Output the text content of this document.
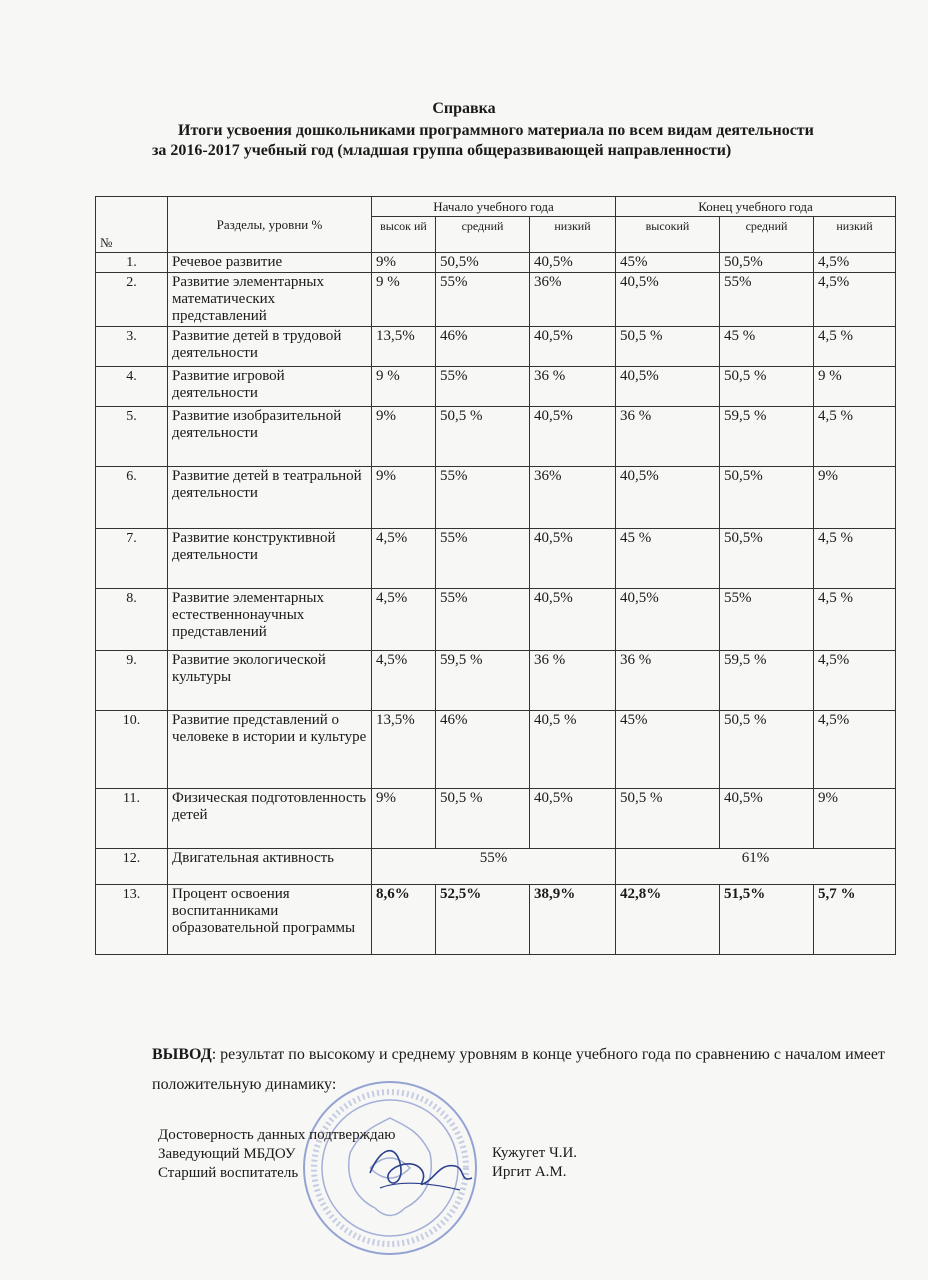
Справка
Итоги усвоения дошкольниками программного материала по всем видам деятельности за 2016-2017 учебный год (младшая группа общеразвивающей направленности)
№	Разделы, уровни %	Начало учебного года			Конец учебного года		
		высок ий	средний	низкий	высокий	средний	низкий
1.	Речевое развитие	9%	50,5%	40,5%	45%	50,5%	4,5%
2.	Развитие элементарных математических представлений	9 %	55%	36%	40,5%	55%	4,5%
3.	Развитие детей в трудовой деятельности	13,5%	46%	40,5%	50,5 %	45 %	4,5 %
4.	Развитие игровой деятельности	9 %	55%	36 %	40,5%	50,5 %	9 %
5.	Развитие изобразительной деятельности	9%	50,5 %	40,5%	36 %	59,5 %	4,5 %
6.	Развитие детей в театральной деятельности	9%	55%	36%	40,5%	50,5%	9%
7.	Развитие конструктивной деятельности	4,5%	55%	40,5%	45 %	50,5%	4,5 %
8.	Развитие элементарных естественнонаучных представлений	4,5%	55%	40,5%	40,5%	55%	4,5 %
9.	Развитие экологической культуры	4,5%	59,5 %	36 %	36 %	59,5 %	4,5%
10.	Развитие представлений о человеке в истории и культуре	13,5%	46%	40,5 %	45%	50,5 %	4,5%
11.	Физическая подготовленность детей	9%	50,5 %	40,5%	50,5 %	40,5%	9%
12.	Двигательная активность	55%			61%		
13.	Процент освоения воспитанниками образовательной программы	8,6%	52,5%	38,9%	42,8%	51,5%	5,7 %
ВЫВОД: результат по высокому и среднему уровням в конце учебного года по сравнению с началом имеет положительную динамику:
Достоверность данных подтверждаю
Заведующий МБДОУ
Старший воспитатель
Кужугет Ч.И.
Иргит А.М.
